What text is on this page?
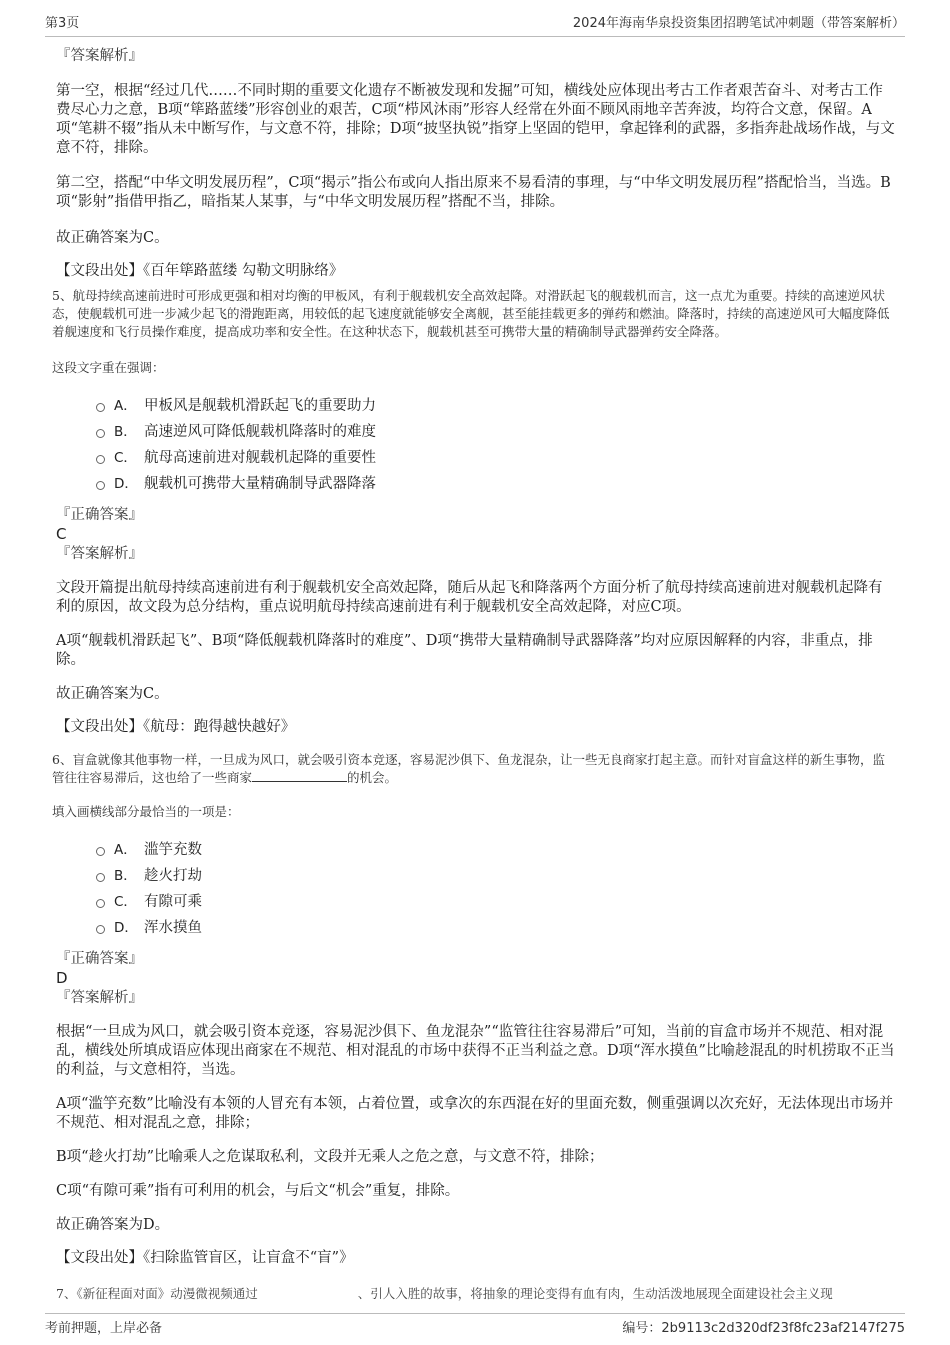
第3页	2024年海南华泉投资集团招聘笔试冲刺题（带答案解析）
『答案解析』

第一空，根据“经过几代……不同时期的重要文化遗存不断被发现和发掘”可知，横线处应体现出考古工作者艰苦奋斗、对考古工作费尽心力之意，B项“筚路蓝缕”形容创业的艰苦，C项“栉风沐雨”形容人经常在外面不顾风雨地辛苦奔波，均符合文意，保留。A项“笔耕不辍”指从未中断写作，与文意不符，排除；D项“披坚执锐”指穿上坚固的铠甲，拿起锋利的武器，多指奔赴战场作战，与文意不符，排除。

第二空，搭配“中华文明发展历程”，C项“揭示”指公布或向人指出原来不易看清的事理，与“中华文明发展历程”搭配恰当，当选。B项“影射”指借甲指乙，暗指某人某事，与“中华文明发展历程”搭配不当，排除。

故正确答案为C。

【文段出处】《百年筚路蓝缕 勾勒文明脉络》

5、航母持续高速前进时可形成更强和相对均衡的甲板风，有利于舰载机安全高效起降。对滑跃起飞的舰载机而言，这一点尤为重要。持续的高速逆风状态，使舰载机可进一步减少起飞的滑跑距离，用较低的起飞速度就能够安全离舰，甚至能挂载更多的弹药和燃油。降落时，持续的高速逆风可大幅度降低着舰速度和飞行员操作难度，提高成功率和安全性。在这种状态下，舰载机甚至可携带大量的精确制导武器弹药安全降落。

这段文字重在强调：

A． 甲板风是舰载机滑跃起飞的重要助力
B． 高速逆风可降低舰载机降落时的难度
C． 航母高速前进对舰载机起降的重要性
D． 舰载机可携带大量精确制导武器降落
『正确答案』
C
『答案解析』

文段开篇提出航母持续高速前进有利于舰载机安全高效起降，随后从起飞和降落两个方面分析了航母持续高速前进对舰载机起降有利的原因，故文段为总分结构，重点说明航母持续高速前进有利于舰载机安全高效起降，对应C项。

A项“舰载机滑跃起飞”、B项“降低舰载机降落时的难度”、D项“携带大量精确制导武器降落”均对应原因解释的内容，非重点，排除。

故正确答案为C。

【文段出处】《航母：跑得越快越好》

6、盲盒就像其他事物一样，一旦成为风口，就会吸引资本竞逐，容易泥沙俱下、鱼龙混杂，让一些无良商家打起主意。而针对盲盒这样的新生事物，监管往往容易滞后，这也给了一些商家	的机会。

填入画横线部分最恰当的一项是：

A． 滥竽充数
B． 趁火打劫
C． 有隙可乘
D． 浑水摸鱼
『正确答案』
D
『答案解析』

根据“一旦成为风口，就会吸引资本竞逐，容易泥沙俱下、鱼龙混杂”“监管往往容易滞后”可知，当前的盲盒市场并不规范、相对混乱，横线处所填成语应体现出商家在不规范、相对混乱的市场中获得不正当利益之意。D项“浑水摸鱼”比喻趁混乱的时机捞取不正当的利益，与文意相符，当选。

A项“滥竽充数”比喻没有本领的人冒充有本领，占着位置，或拿次的东西混在好的里面充数，侧重强调以次充好，无法体现出市场并不规范、相对混乱之意，排除；

B项“趁火打劫”比喻乘人之危谋取私利，文段并无乘人之危之意，与文意不符，排除；

C项“有隙可乘”指有可利用的机会，与后文“机会”重复，排除。

故正确答案为D。

【文段出处】《扫除监管盲区，让盲盒不“盲”》

7、《新征程面对面》动漫微视频通过	、引人入胜的故事，将抽象的理论变得有血有肉，生动活泼地展现全面建设社会主义现
考前押题，上岸必备	编号：2b9113c2d320df23f8fc23af2147f275
